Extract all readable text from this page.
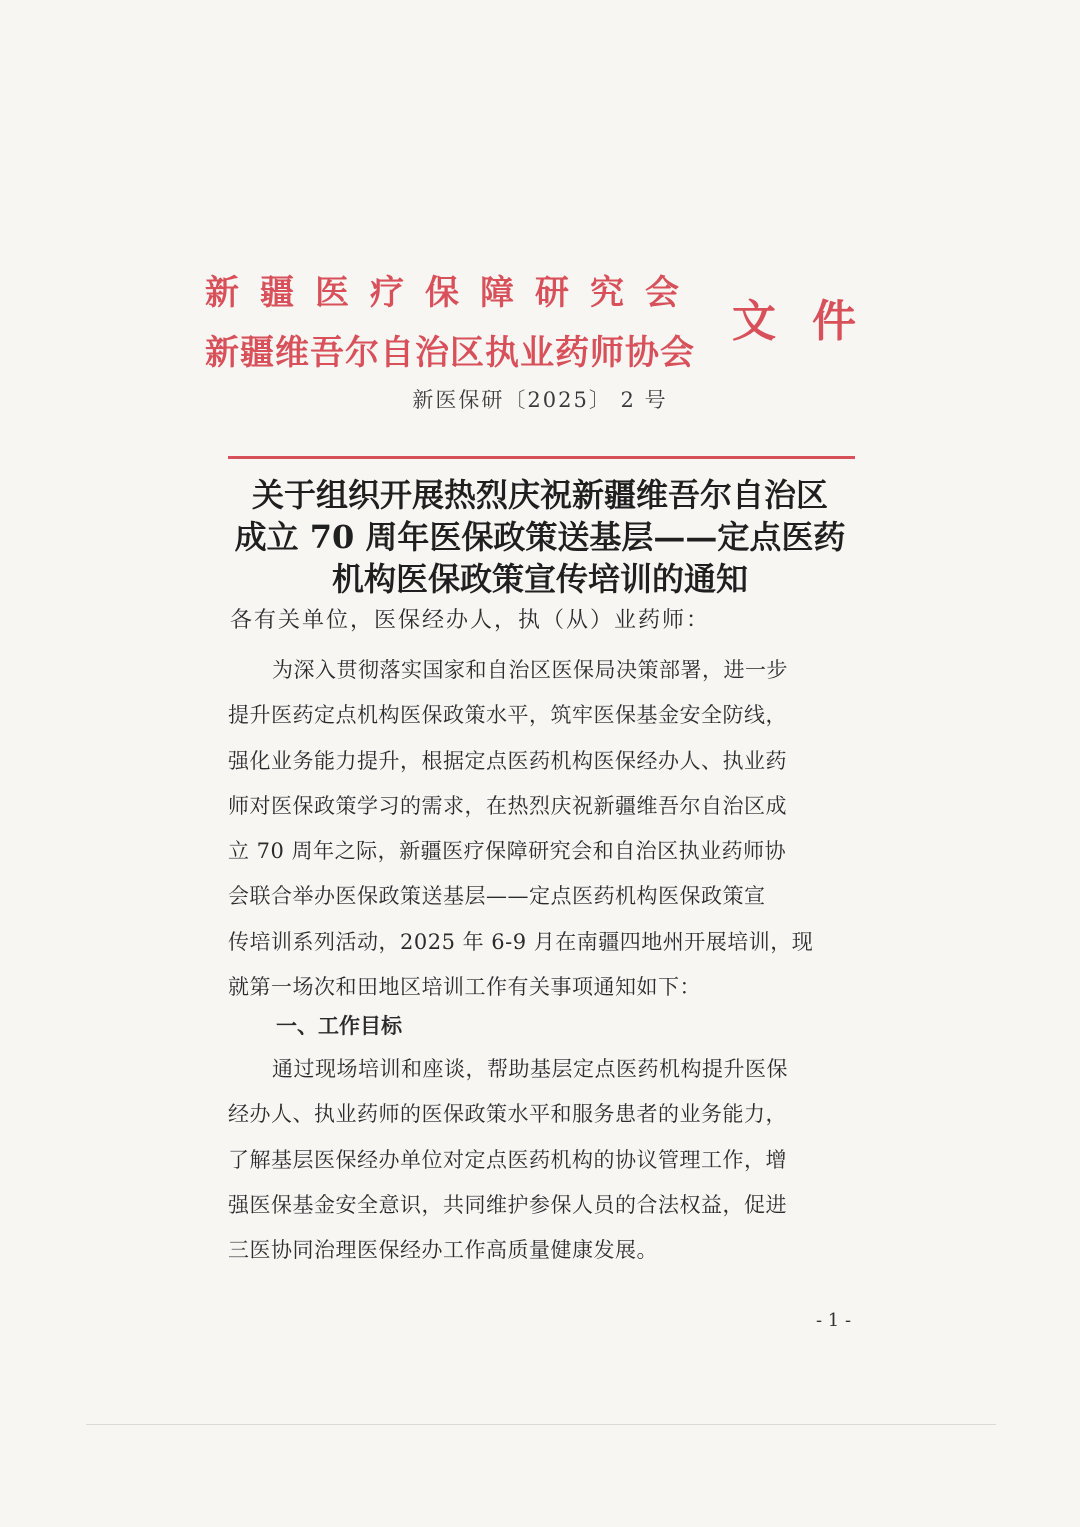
新疆医疗保障研究会
新疆维吾尔自治区执业药师协会
文件
新医保研〔2025〕 2 号
关于组织开展热烈庆祝新疆维吾尔自治区
成立 70 周年医保政策送基层——定点医药
机构医保政策宣传培训的通知
各有关单位，医保经办人，执（从）业药师：
为深入贯彻落实国家和自治区医保局决策部署，进一步
提升医药定点机构医保政策水平，筑牢医保基金安全防线，
强化业务能力提升，根据定点医药机构医保经办人、执业药
师对医保政策学习的需求，在热烈庆祝新疆维吾尔自治区成
立 70 周年之际，新疆医疗保障研究会和自治区执业药师协
会联合举办医保政策送基层——定点医药机构医保政策宣
传培训系列活动，2025 年 6-9 月在南疆四地州开展培训，现
就第一场次和田地区培训工作有关事项通知如下：
一、工作目标
通过现场培训和座谈，帮助基层定点医药机构提升医保
经办人、执业药师的医保政策水平和服务患者的业务能力，
了解基层医保经办单位对定点医药机构的协议管理工作，增
强医保基金安全意识，共同维护参保人员的合法权益，促进
三医协同治理医保经办工作高质量健康发展。
- 1 -
